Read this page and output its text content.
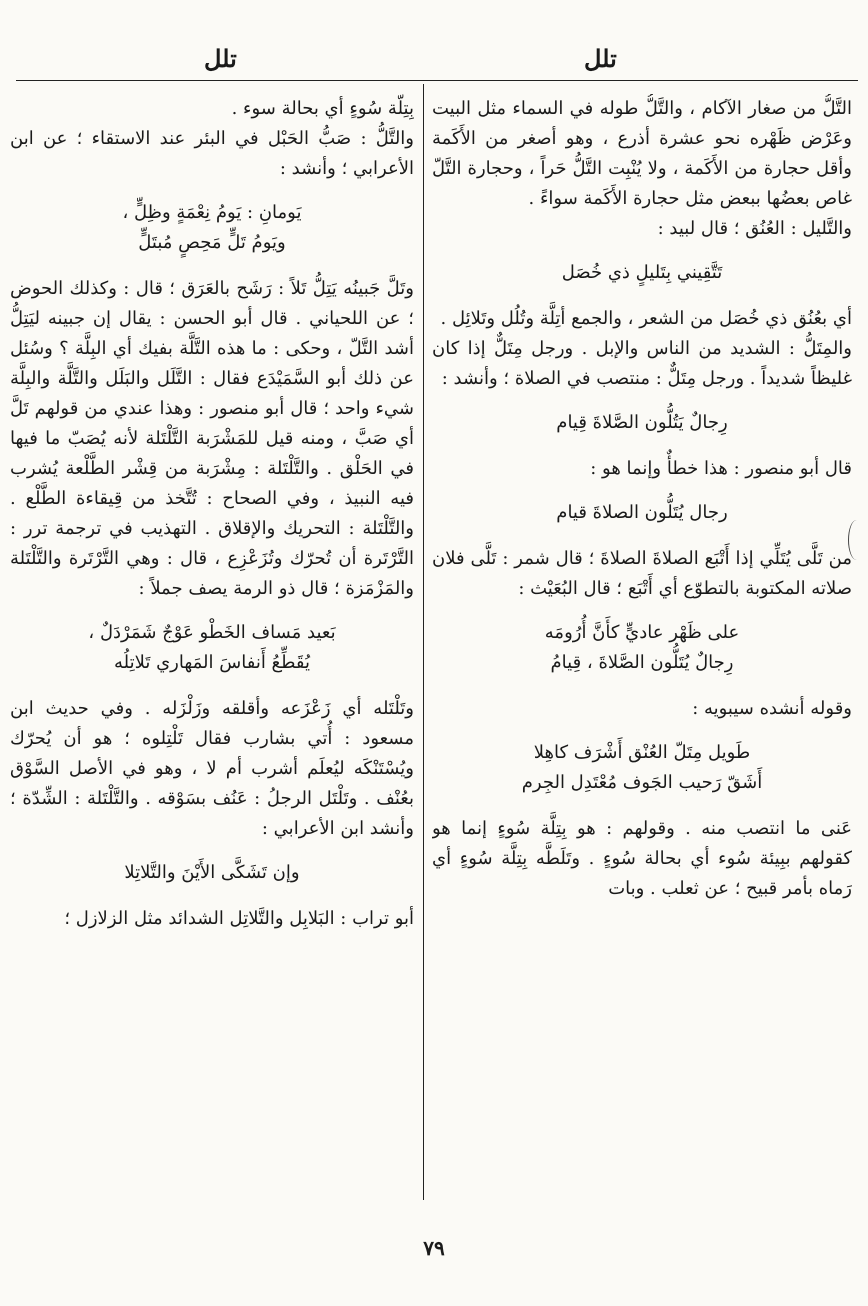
تلل
تلل

التَّلُّ من صغار الآكام ، والتَّلُّ طوله في السماء مثل البيت وعَرْض ظَهْره نحو عشرة أذرع ، وهو أصغر من الأَكَمة وأقل حجارة من الأَكَمة ، ولا يُنْبِت التَّلُّ حَراً ، وحجارة التَّلّ غاص بعضُها ببعض مثل حجارة الأَكَمة سواءً .

والتَّليل : العُنُق ؛ قال لبيد :

تَتَّقِيني بِتَليلٍ ذي خُصَل

أي بعُنُق ذي خُصَل من الشعر ، والجمع أتِلَّة وتُلُل وتَلائِل .

والمِتَلُّ : الشديد من الناس والإبل . ورجل مِتَلٌّ إذا كان غليظاً شديداً . ورجل مِتَلٌّ : منتصب في الصلاة ؛ وأنشد :

رِجالٌ يَتُلُّون الصَّلاةَ قِيام

قال أبو منصور : هذا خطأٌ وإنما هو :

رجال يُتَلُّون الصلاةَ قيام

من تَلَّى يُتَلِّي إذا أَتْبَع الصلاةَ الصلاةَ ؛ قال شمر : تَلَّى فلان صلاته المكتوبة بالتطوّع أي أَتْبَع ؛ قال البُعَيْث :

على ظَهْر عاديٍّ كأَنَّ أُرُومَه

رِجالٌ يُتَلُّون الصَّلاةَ ، قِيامُ

وقوله أنشده سيبويه :

طَويل مِتَلّ العُنْق أَشْرَف كاهِلا

أَشَقّ رَحيب الجَوف مُعْتَدِل الجِرم

عَنى ما انتصب منه . وقولهم : هو بِتِلَّة سُوءٍ إنما هو كقولهم ببِيئة سُوء أي بحالة سُوءٍ . وتَلَطَّه بِتِلَّة سُوءٍ أي رَماه بأمر قبيح ؛ عن ثعلب . وبات

بِتِلَّة سُوءٍ أي بحالة سوء .

والتَّلُّ : صَبُّ الحَبْل في البئر عند الاستقاء ؛ عن ابن الأعرابي ؛ وأنشد :

يَومانِ : يَومُ نِعْمَةٍ وظِلٍّ ،

ويَومُ تَلٍّ مَحِصٍ مُبتَلٍّ

وتَلَّ جَبينُه يَتِلُّ تَلاً : رَشَح بالعَرَق ؛ قال : وكذلك الحوض ؛ عن اللحياني . قال أبو الحسن : يقال إن جبينه ليَتِلُّ أشد التَّلّ ، وحكى : ما هذه التَّلَّة بفيك أي البِلَّة ؟ وسُئل عن ذلك أبو السَّمَيْدَع فقال : التَّلَل والبَلَل والتَّلَّة والبِلَّة شيء واحد ؛ قال أبو منصور : وهذا عندي من قولهم تَلَّ أي صَبَّ ، ومنه قيل للمَشْرَبة التَّلْتَلة لأنه يُصَبّ ما فيها في الحَلْق . والتَّلْتَلة : مِشْرَبة من قِشْر الطَّلْعة يُشرب فيه النبيذ ، وفي الصحاح : تُتَّخذ من قِيقاءة الطَّلْع . والتَّلْتَلة : التحريك والإقلاق . التهذيب في ترجمة ترر : التَّرْتَرة أن تُحرّك وتُزَعْزِع ، قال : وهي التَّرْتَرة والتَّلْتَلة والمَزْمَزة ؛ قال ذو الرمة يصف جملاً :

بَعيد مَساف الخَطْو عَوْجٌ شَمَرْدَلٌ ،

يُقَطِّعُ أَنفاسَ المَهاري تَلاتِلُه

وتَلْتَله أي زَعْزَعه وأقلقه وزَلْزَله . وفي حديث ابن مسعود : أُتي بشارب فقال تَلْتِلوه ؛ هو أن يُحرّك ويُسْتَنْكَه ليُعلَم أشرب أم لا ، وهو في الأصل السَّوْق بعُنْف . وتَلْتَل الرجلُ : عَنُف بسَوْقه . والتَّلْتَلة : الشِّدّة ؛ وأنشد ابن الأعرابي :

وإن تَشَكَّى الأَيْنَ والتَّلاتِلا

أبو تراب : البَلابِل والتَّلاتِل الشدائد مثل الزلازل ؛

٧٩
